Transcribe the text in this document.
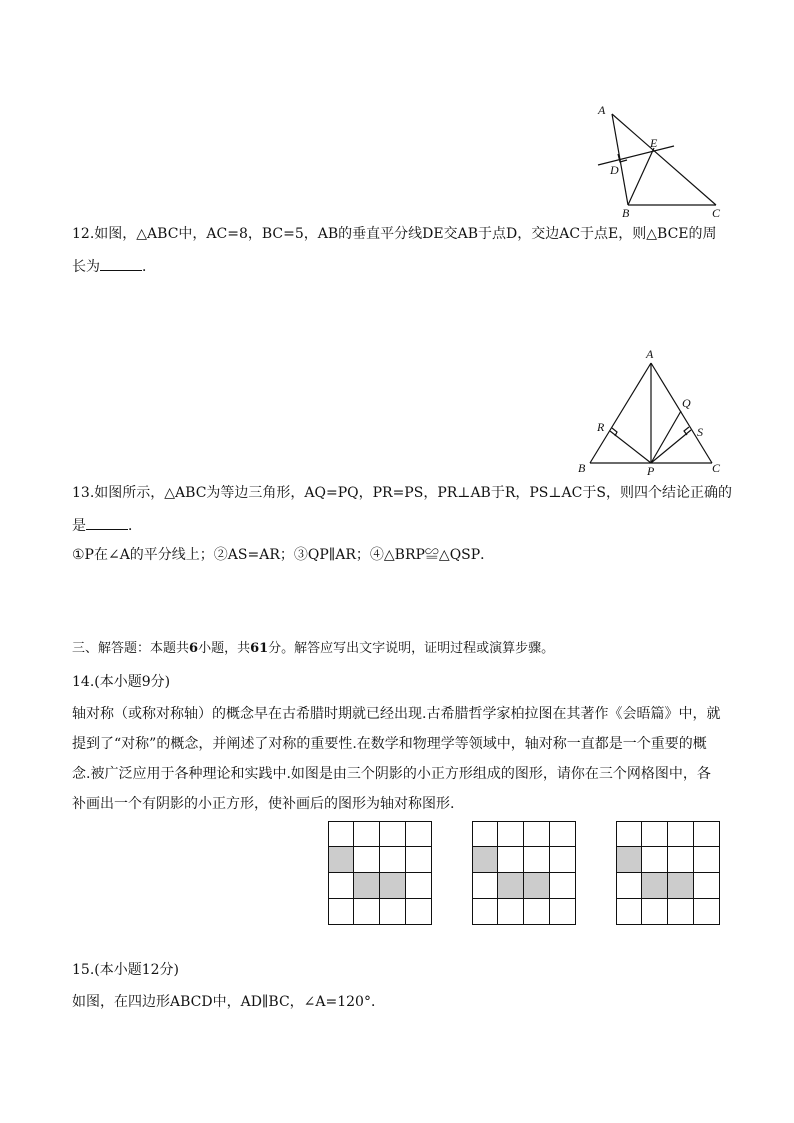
A
E
D
B	C
12.如图，△ABC中，AC=8，BC=5，AB的垂直平分线DE交AB于点D，交边AC于点E，则△BCE的周
长为	．
A
Q
R	S
B	P	C
13.如图所示，△ABC为等边三角形，AQ=PQ，PR=PS，PR⊥AB于R，PS⊥AC于S，则四个结论正确的
是	．
①P在∠A的平分线上；②AS=AR；③QP∥AR；④△BRP≌△QSP．
三、解答题：本题共6小题，共61分。解答应写出文字说明，证明过程或演算步骤。
14.(本小题9分)
轴对称（或称对称轴）的概念早在古希腊时期就已经出现.古希腊哲学家柏拉图在其著作《会晤篇》中，就
提到了“对称”的概念，并阐述了对称的重要性.在数学和物理学等领域中，轴对称一直都是一个重要的概
念.被广泛应用于各种理论和实践中.如图是由三个阴影的小正方形组成的图形，请你在三个网格图中，各
补画出一个有阴影的小正方形，使补画后的图形为轴对称图形.
15.(本小题12分)
如图，在四边形ABCD中，AD∥BC，∠A=120°．
